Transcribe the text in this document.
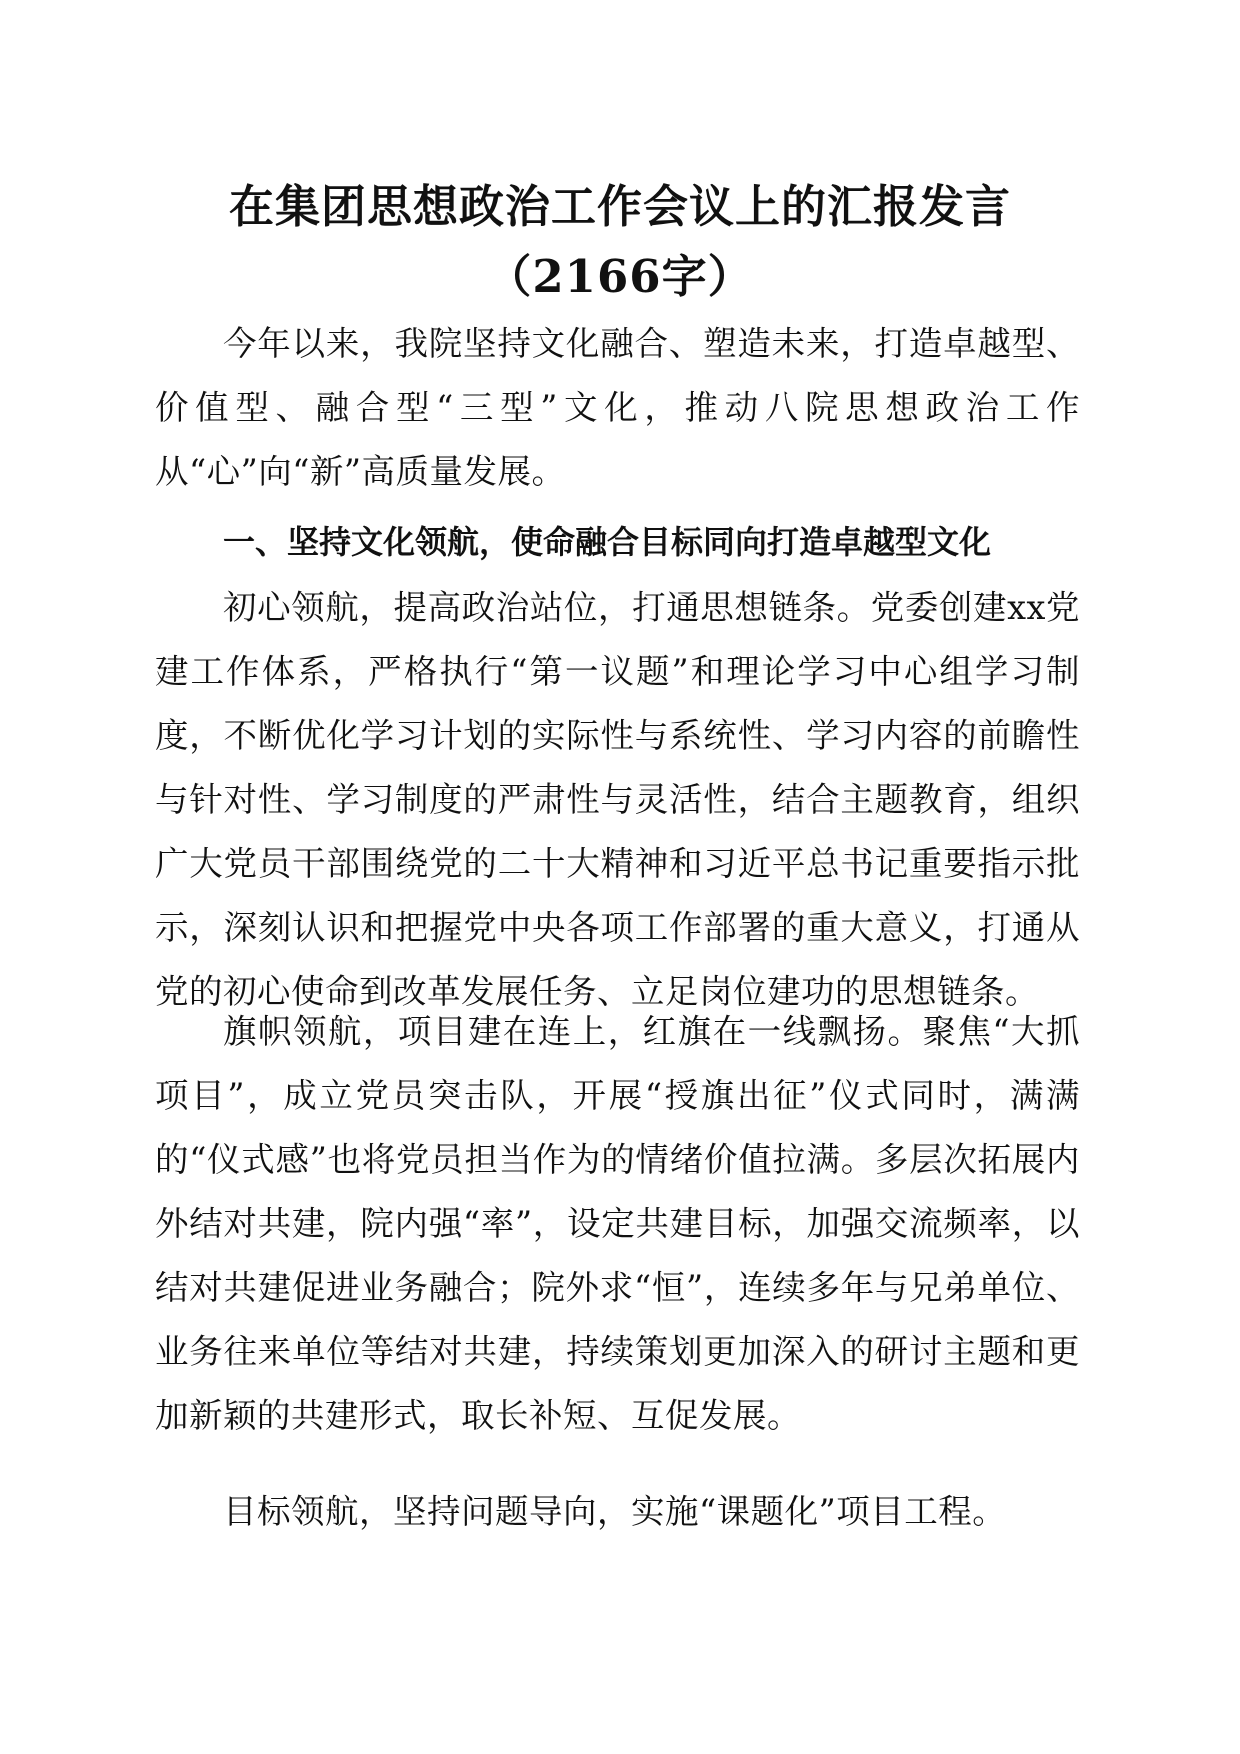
在集团思想政治工作会议上的汇报发言（2166字）

今年以来，我院坚持文化融合、塑造未来，打造卓越型、价值型、融合型“三型”文化，推动八院思想政治工作从“心”向“新”高质量发展。

一、坚持文化领航，使命融合目标同向打造卓越型文化

初心领航，提高政治站位，打通思想链条。党委创建xx党建工作体系，严格执行“第一议题”和理论学习中心组学习制度，不断优化学习计划的实际性与系统性、学习内容的前瞻性与针对性、学习制度的严肃性与灵活性，结合主题教育，组织广大党员干部围绕党的二十大精神和习近平总书记重要指示批示，深刻认识和把握党中央各项工作部署的重大意义，打通从党的初心使命到改革发展任务、立足岗位建功的思想链条。

旗帜领航，项目建在连上，红旗在一线飘扬。聚焦“大抓项目”，成立党员突击队，开展“授旗出征”仪式同时，满满的“仪式感”也将党员担当作为的情绪价值拉满。多层次拓展内外结对共建，院内强“率”，设定共建目标，加强交流频率，以结对共建促进业务融合；院外求“恒”，连续多年与兄弟单位、业务往来单位等结对共建，持续策划更加深入的研讨主题和更加新颖的共建形式，取长补短、互促发展。

目标领航，坚持问题导向，实施“课题化”项目工程。
